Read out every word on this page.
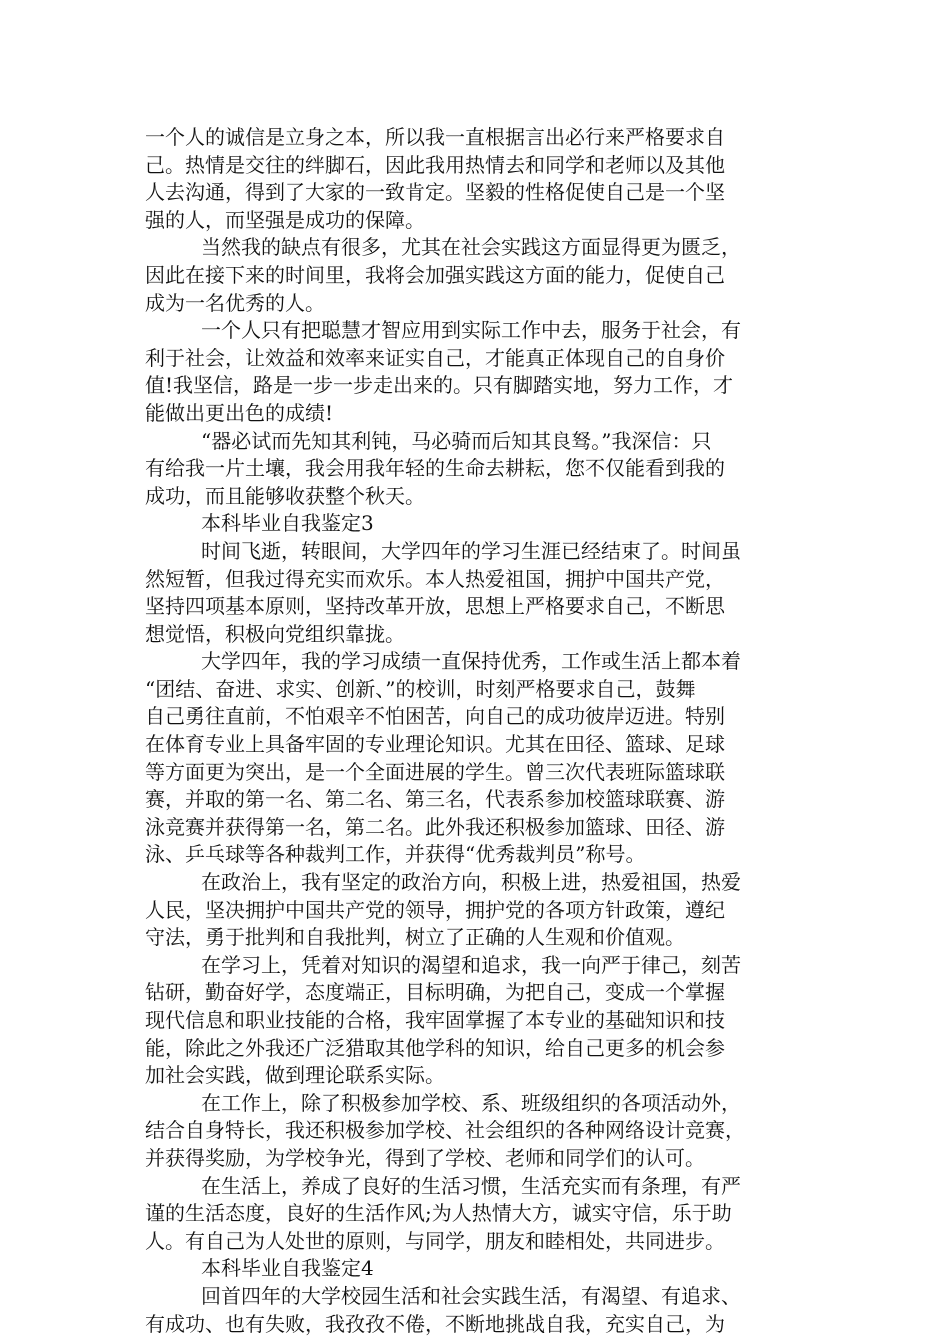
一个人的诚信是立身之本，所以我一直根据言出必行来严格要求自
己。热情是交往的绊脚石，因此我用热情去和同学和老师以及其他
人去沟通，得到了大家的一致肯定。坚毅的性格促使自己是一个坚
强的人，而坚强是成功的保障。
当然我的缺点有很多，尤其在社会实践这方面显得更为匮乏，
因此在接下来的时间里，我将会加强实践这方面的能力，促使自己
成为一名优秀的人。
一个人只有把聪慧才智应用到实际工作中去，服务于社会，有
利于社会，让效益和效率来证实自己，才能真正体现自己的自身价
值!我坚信，路是一步一步走出来的。只有脚踏实地，努力工作，才
能做出更出色的成绩!
“器必试而先知其利钝，马必骑而后知其良驽。”我深信：只
有给我一片土壤，我会用我年轻的生命去耕耘，您不仅能看到我的
成功，而且能够收获整个秋天。
本科毕业自我鉴定3
时间飞逝，转眼间，大学四年的学习生涯已经结束了。时间虽
然短暂，但我过得充实而欢乐。本人热爱祖国，拥护中国共产党，
坚持四项基本原则，坚持改革开放，思想上严格要求自己，不断思
想觉悟，积极向党组织靠拢。
大学四年，我的学习成绩一直保持优秀，工作或生活上都本着
“团结、奋进、求实、创新、”的校训，时刻严格要求自己，鼓舞
自己勇往直前，不怕艰辛不怕困苦，向自己的成功彼岸迈进。特别
在体育专业上具备牢固的专业理论知识。尤其在田径、篮球、足球
等方面更为突出，是一个全面进展的学生。曾三次代表班际篮球联
赛，并取的第一名、第二名、第三名，代表系参加校篮球联赛、游
泳竞赛并获得第一名，第二名。此外我还积极参加篮球、田径、游
泳、乒乓球等各种裁判工作，并获得“优秀裁判员”称号。
在政治上，我有坚定的政治方向，积极上进，热爱祖国，热爱
人民，坚决拥护中国共产党的领导，拥护党的各项方针政策，遵纪
守法，勇于批判和自我批判，树立了正确的人生观和价值观。
在学习上，凭着对知识的渴望和追求，我一向严于律己，刻苦
钻研，勤奋好学，态度端正，目标明确，为把自己，变成一个掌握
现代信息和职业技能的合格，我牢固掌握了本专业的基础知识和技
能，除此之外我还广泛猎取其他学科的知识，给自己更多的机会参
加社会实践，做到理论联系实际。
在工作上，除了积极参加学校、系、班级组织的各项活动外，
结合自身特长，我还积极参加学校、社会组织的各种网络设计竞赛，
并获得奖励，为学校争光，得到了学校、老师和同学们的认可。
在生活上，养成了良好的生活习惯，生活充实而有条理，有严
谨的生活态度，良好的生活作风;为人热情大方，诚实守信，乐于助
人。有自己为人处世的原则，与同学，朋友和睦相处，共同进步。
本科毕业自我鉴定4
回首四年的大学校园生活和社会实践生活，有渴望、有追求、
有成功、也有失败，我孜孜不倦，不断地挑战自我，充实自己，为
